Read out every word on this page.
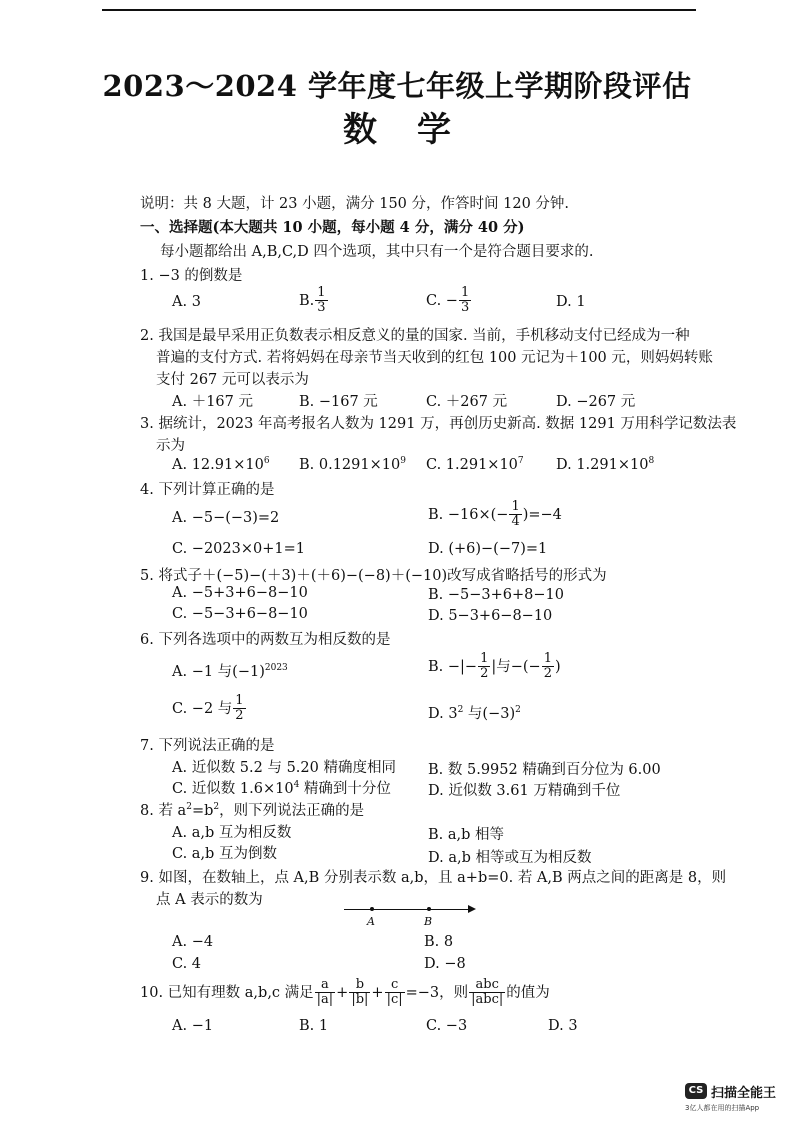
2023～2024 学年度七年级上学期阶段评估
数学
说明：共 8 大题，计 23 小题，满分 150 分，作答时间 120 分钟.
一、选择题(本大题共 10 小题，每小题 4 分，满分 40 分)
每小题都给出 A,B,C,D 四个选项，其中只有一个是符合题目要求的.
1. −3 的倒数是
A. 3	B. $\frac{1}{3}$	C. − $\frac{1}{3}$	D. 1
2. 我国是最早采用正负数表示相反意义的量的国家. 当前，手机移动支付已经成为一种
普遍的支付方式. 若将妈妈在母亲节当天收到的红包 100 元记为＋100 元，则妈妈转账
支付 267 元可以表示为
A. ＋167 元	B. −167 元	C. ＋267 元	D. −267 元
3. 据统计，2023 年高考报名人数为 1291 万，再创历史新高. 数据 1291 万用科学记数法表
示为
A. $12.91\times 10^6$ B. $0.1291\times 10^9$ C. $1.291\times 10^7$ D. $1.291\times 10^8$
4. 下列计算正确的是
A. −5−(−3)=2	B. $-16\times(- \frac{1}{4} )=-4$
C. −2023×0+1=1	D. (+6)−(−7)=1
5. 将式子＋(−5)−(＋3)＋(＋6)−(−8)＋(−10)改写成省略括号的形式为
A. −5+3+6−8−10	B. −5−3+6+8−10
C. −5−3+6−8−10	D. 5−3+6−8−10
6. 下列各选项中的两数互为相反数的是
A. −1 与$(-1)^{2023}$	B. −|− $\frac{1}{2}$ |与−(− $\frac{1}{2}$ )
C. −2 与 $\frac{1}{2}$	D. $3^2$ 与$(-3)^2$
7. 下列说法正确的是
A. 近似数 5.2 与 5.20 精确度相同 B. 数 5.9952 精确到百分位为 6.00
C. 近似数 $1.6\times 10^4$ 精确到十分位	D. 近似数 3.61 万精确到千位
8. 若 $a^2=b^2$，则下列说法正确的是
A. a,b 互为相反数	B. a,b 相等
C. a,b 互为倒数	D. a,b 相等或互为相反数
9. 如图，在数轴上，点 A,B 分别表示数 a,b，且 a+b=0. 若 A,B 两点之间的距离是 8，则
点 A 表示的数为
A	B
A. −4	B. 8
C. 4	D. −8
10. 已知有理数 a,b,c 满足 $\frac{a}{|a|} + \frac{b}{|b|} + \frac{c}{|c|} =-3$，则 $\frac{\text{abc}}{\text{|abc|}}$ 的值为
A. −1	B. 1	C. −3	D. 3
CS 扫描全能王
3亿人都在用的扫描App
